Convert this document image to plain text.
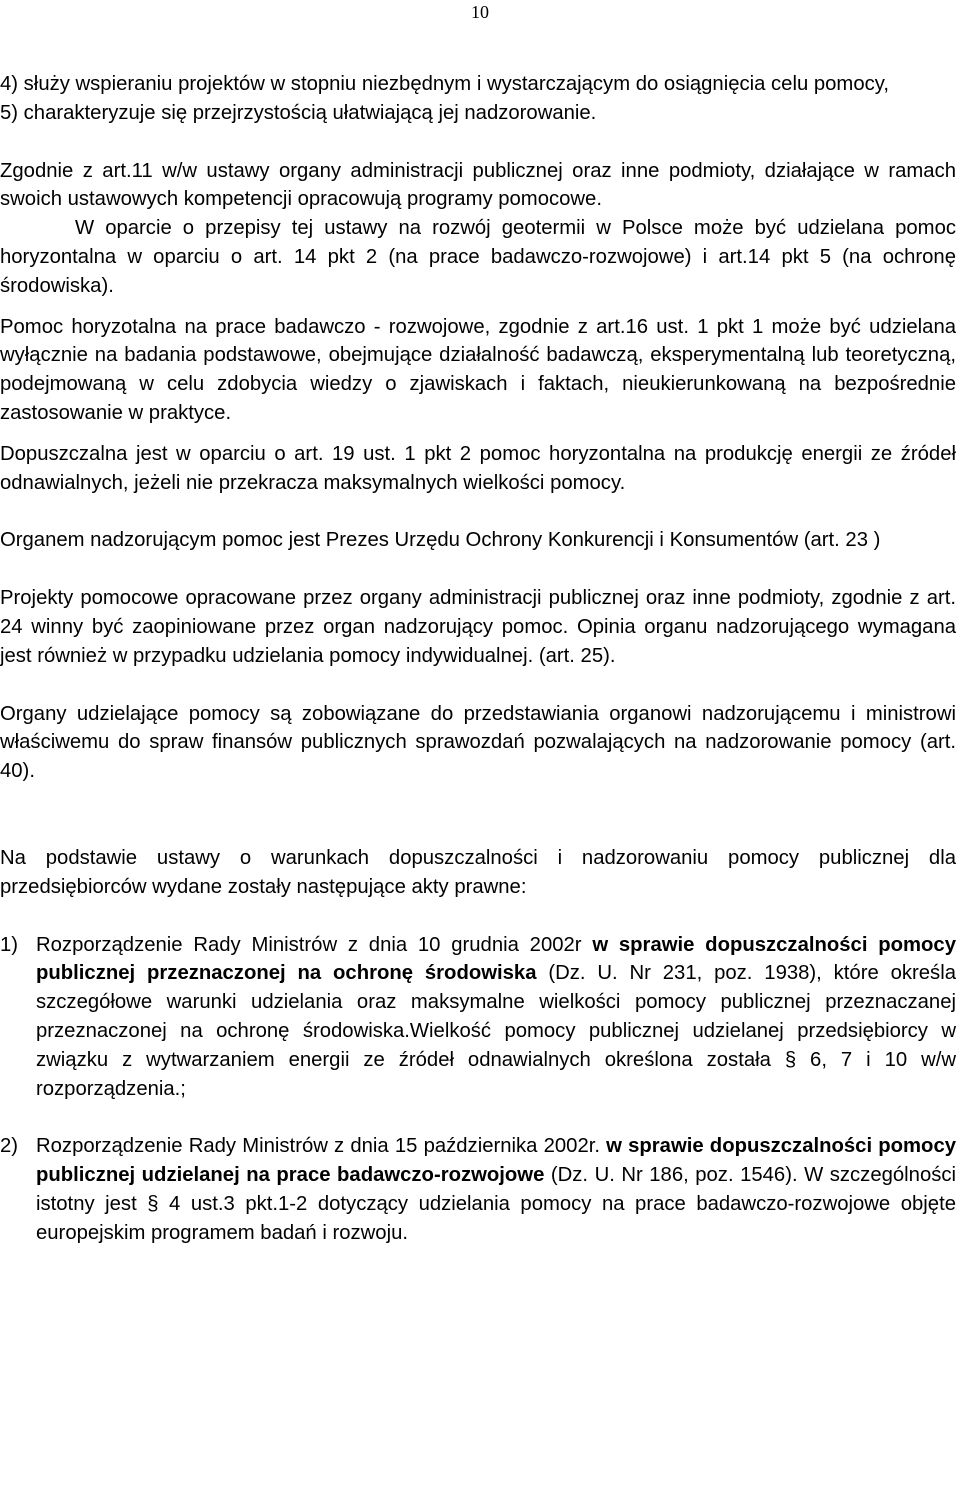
10

4) służy wspieraniu projektów w stopniu niezbędnym i wystarczającym do osiągnięcia celu pomocy,

5) charakteryzuje się przejrzystością ułatwiającą jej nadzorowanie.

Zgodnie z art.11 w/w ustawy organy administracji publicznej oraz inne podmioty, działające w ramach swoich ustawowych kompetencji opracowują programy pomocowe.

W oparcie o przepisy tej ustawy na rozwój geotermii w Polsce może być udzielana pomoc horyzontalna w oparciu o art. 14 pkt 2 (na prace badawczo-rozwojowe) i art.14 pkt 5 (na ochronę środowiska).

Pomoc horyzotalna na prace badawczo - rozwojowe, zgodnie z art.16 ust. 1 pkt 1 może być udzielana wyłącznie na badania podstawowe, obejmujące działalność badawczą, eksperymentalną lub teoretyczną, podejmowaną w celu zdobycia wiedzy o zjawiskach i faktach, nieukierunkowaną na bezpośrednie zastosowanie w praktyce.

Dopuszczalna jest w oparciu o art. 19 ust. 1 pkt 2 pomoc horyzontalna na produkcję energii ze źródeł odnawialnych, jeżeli nie przekracza maksymalnych wielkości pomocy.

Organem nadzorującym pomoc jest Prezes Urzędu Ochrony Konkurencji i Konsumentów (art. 23 )

Projekty pomocowe opracowane przez organy administracji publicznej oraz inne podmioty, zgodnie z art. 24 winny być zaopiniowane przez organ nadzorujący pomoc. Opinia organu nadzorującego wymagana jest również w przypadku udzielania pomocy indywidualnej. (art. 25).

Organy udzielające pomocy są zobowiązane do przedstawiania organowi nadzorującemu i ministrowi właściwemu do spraw finansów publicznych sprawozdań pozwalających na nadzorowanie pomocy (art. 40).

Na podstawie ustawy o warunkach dopuszczalności i nadzorowaniu pomocy publicznej dla przedsiębiorców wydane zostały następujące akty prawne:

1) Rozporządzenie Rady Ministrów z dnia 10 grudnia 2002r w sprawie dopuszczalności pomocy publicznej przeznaczonej na ochronę środowiska (Dz. U. Nr 231, poz. 1938), które określa szczegółowe warunki udzielania oraz maksymalne wielkości pomocy publicznej przeznaczanej przeznaczonej na ochronę środowiska.Wielkość pomocy publicznej udzielanej przedsiębiorcy w związku z wytwarzaniem energii ze źródeł odnawialnych określona została § 6, 7 i 10 w/w rozporządzenia.;
2) Rozporządzenie Rady Ministrów z dnia 15 października 2002r. w sprawie dopuszczalności pomocy publicznej udzielanej na prace badawczo-rozwojowe (Dz. U. Nr 186, poz. 1546). W szczególności istotny jest § 4 ust.3 pkt.1-2 dotyczący udzielania pomocy na prace badawczo-rozwojowe objęte europejskim programem badań i rozwoju.
